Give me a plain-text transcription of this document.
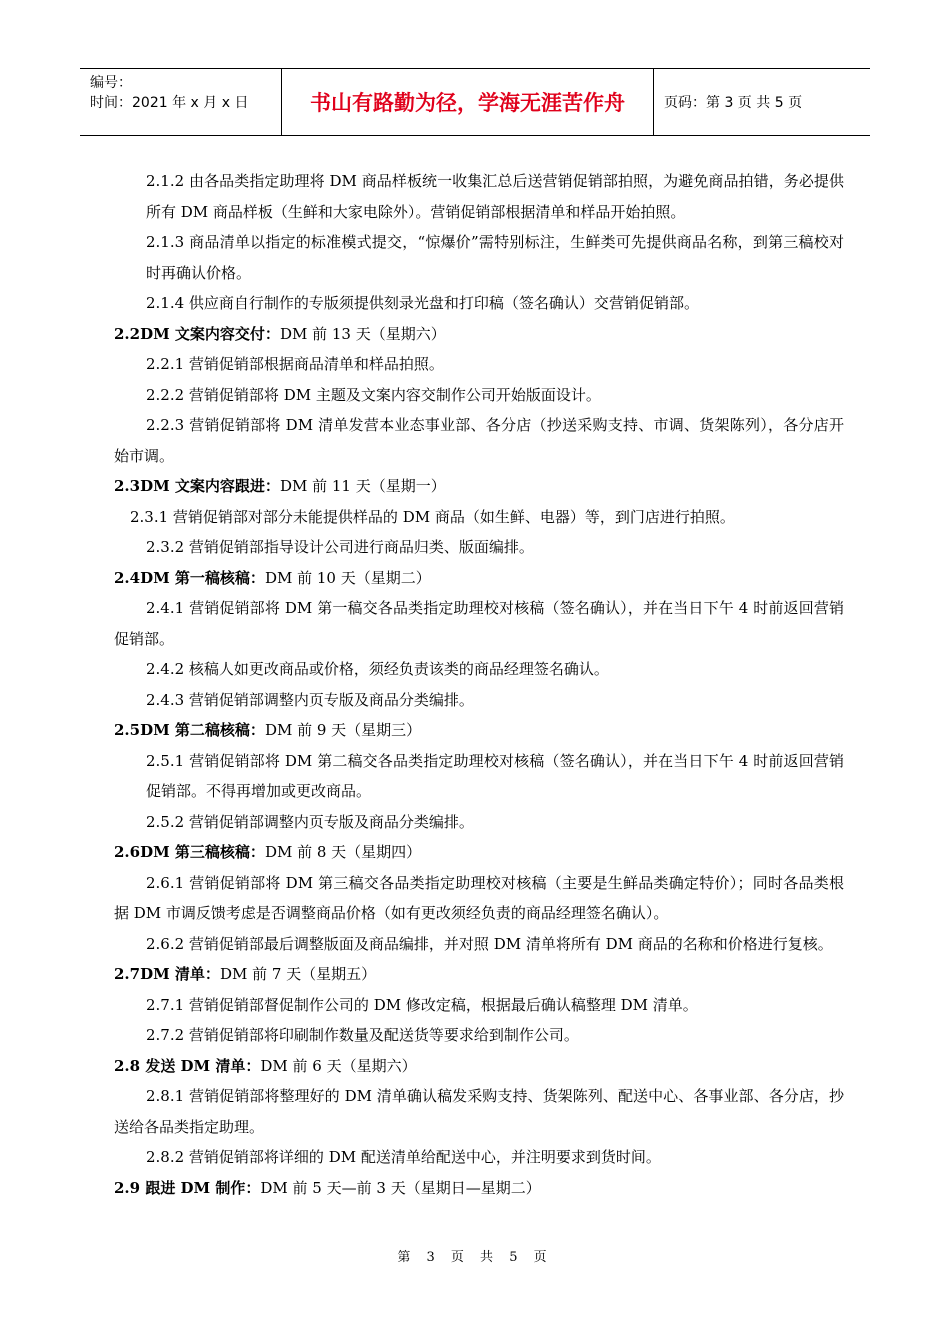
编号：
时间：2021 年 x 月 x 日	书山有路勤为径，学海无涯苦作舟	页码：第 3 页 共 5 页

2.1.2 由各品类指定助理将 DM 商品样板统一收集汇总后送营销促销部拍照，为避免商品拍错，务必提供所有 DM 商品样板（生鲜和大家电除外）。营销促销部根据清单和样品开始拍照。

2.1.3 商品清单以指定的标准模式提交，“惊爆价”需特别标注，生鲜类可先提供商品名称，到第三稿校对时再确认价格。

2.1.4 供应商自行制作的专版须提供刻录光盘和打印稿（签名确认）交营销促销部。

2.2DM 文案内容交付：DM 前 13 天（星期六）

2.2.1 营销促销部根据商品清单和样品拍照。

2.2.2 营销促销部将 DM 主题及文案内容交制作公司开始版面设计。

2.2.3 营销促销部将 DM 清单发营本业态事业部、各分店（抄送采购支持、市调、货架陈列），各分店开始市调。

2.3DM 文案内容跟进：DM 前 11 天（星期一）

2.3.1 营销促销部对部分未能提供样品的 DM 商品（如生鲜、电器）等，到门店进行拍照。

2.3.2 营销促销部指导设计公司进行商品归类、版面编排。

2.4DM 第一稿核稿：DM 前 10 天（星期二）

2.4.1 营销促销部将 DM 第一稿交各品类指定助理校对核稿（签名确认），并在当日下午 4 时前返回营销促销部。

2.4.2 核稿人如更改商品或价格，须经负责该类的商品经理签名确认。

2.4.3 营销促销部调整内页专版及商品分类编排。

2.5DM 第二稿核稿：DM 前 9 天（星期三）

2.5.1 营销促销部将 DM 第二稿交各品类指定助理校对核稿（签名确认），并在当日下午 4 时前返回营销促销部。不得再增加或更改商品。

2.5.2 营销促销部调整内页专版及商品分类编排。

2.6DM 第三稿核稿：DM 前 8 天（星期四）

2.6.1 营销促销部将 DM 第三稿交各品类指定助理校对核稿（主要是生鲜品类确定特价）；同时各品类根据 DM 市调反馈考虑是否调整商品价格（如有更改须经负责的商品经理签名确认）。

2.6.2 营销促销部最后调整版面及商品编排，并对照 DM 清单将所有 DM 商品的名称和价格进行复核。

2.7DM 清单：DM 前 7 天（星期五）

2.7.1 营销促销部督促制作公司的 DM 修改定稿，根据最后确认稿整理 DM 清单。

2.7.2 营销促销部将印刷制作数量及配送货等要求给到制作公司。

2.8 发送 DM 清单：DM 前 6 天（星期六）

2.8.1 营销促销部将整理好的 DM 清单确认稿发采购支持、货架陈列、配送中心、各事业部、各分店，抄送给各品类指定助理。

2.8.2 营销促销部将详细的 DM 配送清单给配送中心，并注明要求到货时间。

2.9 跟进 DM 制作：DM 前 5 天—前 3 天（星期日—星期二）

第 3 页 共 5 页
